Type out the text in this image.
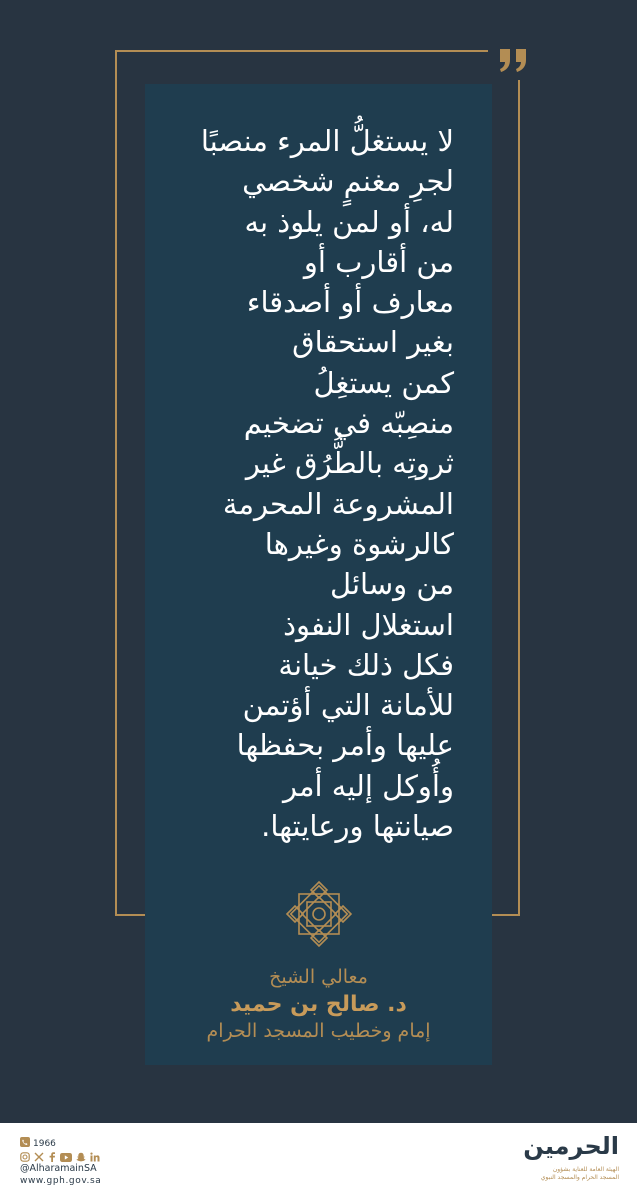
لا يستغلُّ المرء منصبًا
لجرِ مغنمٍ شخصي
له، أو لمن يلوذ به
من أقارب أو
معارف أو أصدقاء
بغير استحقاق
كمن يستغِلُ
منصِبّه في تضخيم
ثروتِه بالطُّرُق غير
المشروعة المحرمة
كالرشوة وغيرها
من وسائل
استغلال النفوذ
فكل ذلك خيانة
للأمانة التي أؤتمن
عليها وأمر بحفظها
وأُوكل إليه أمر
صيانتها ورعايتها.

معالي الشيخ
د. صالح بن حميد
إمام وخطيب المسجد الحرام
1966
@AlharamainSA
www.gph.gov.sa
الحرمين
الهيئة العامة للعناية بشؤون
المسجد الحرام والمسجد النبوي
